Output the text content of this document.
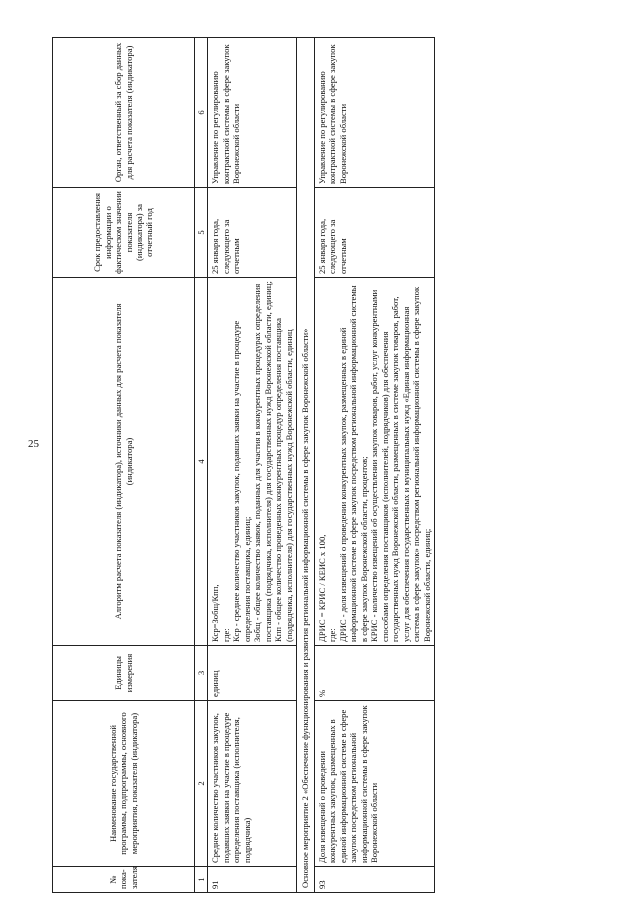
25
№ пока-зателя	Наименование государственной программы, подпрограммы, основного мероприятия, показателя (индикатора)	Единицы измерения	Алгоритм расчета показателя (индикатора), источники данных для расчета показателя (индикатора)	Срок предоставления информации о фактическом значении показателя (индикатора) за отчетный год	Орган, ответственный за сбор данных для расчета показателя (индикатора)
1	2	3	4	5	6
91	Среднее количество участников закупок, подавших заявки на участие в процедуре определения поставщика (исполнителя, подрядчика)	единиц	Кср=Зобщ/Кпп, где: Кср - среднее количество участников закупок, подавших заявки на участие в процедуре определения поставщика, единиц; Зобщ - общее количество заявок, поданных для участия в конкурентных процедурах определения поставщика (подрядчика, исполнителя) для государственных нужд Воронежской области, единиц; Кпп - общее количество проведенных конкурентных процедур определения поставщика (подрядчика, исполнителя) для государственных нужд Воронежской области, единиц	25 января года, следующего за отчетным	Управление по регулированию контрактной системы в сфере закупок Воронежской области
Основное мероприятие 2 «Обеспечение функционирования и развития региональной информационной системы в сфере закупок Воронежской области»					
93	Доля извещений о проведении конкурентных закупок, размещенных в единой информационной системе в сфере закупок посредством региональной информационной системы в сфере закупок Воронежской области	%	ДРИС = КРИС / КЕИС x 100, где: ДРИС - доля извещений о проведении конкурентных закупок, размещенных в единой информационной системе в сфере закупок посредством региональной информационной системы в сфере закупок Воронежской области, процентов; КРИС - количество извещений об осуществлении закупок товаров, работ, услуг конкурентными способами определения поставщиков (исполнителей, подрядчиков) для обеспечения государственных нужд Воронежской области, размещенных в системе закупок товаров, работ, услуг для обеспечения государственных и муниципальных нужд «Единая информационная система в сфере закупок» посредством региональной информационной системы в сфере закупок Воронежской области, единиц;	25 января года, следующего за отчетным	Управление по регулированию контрактной системы в сфере закупок Воронежской области
